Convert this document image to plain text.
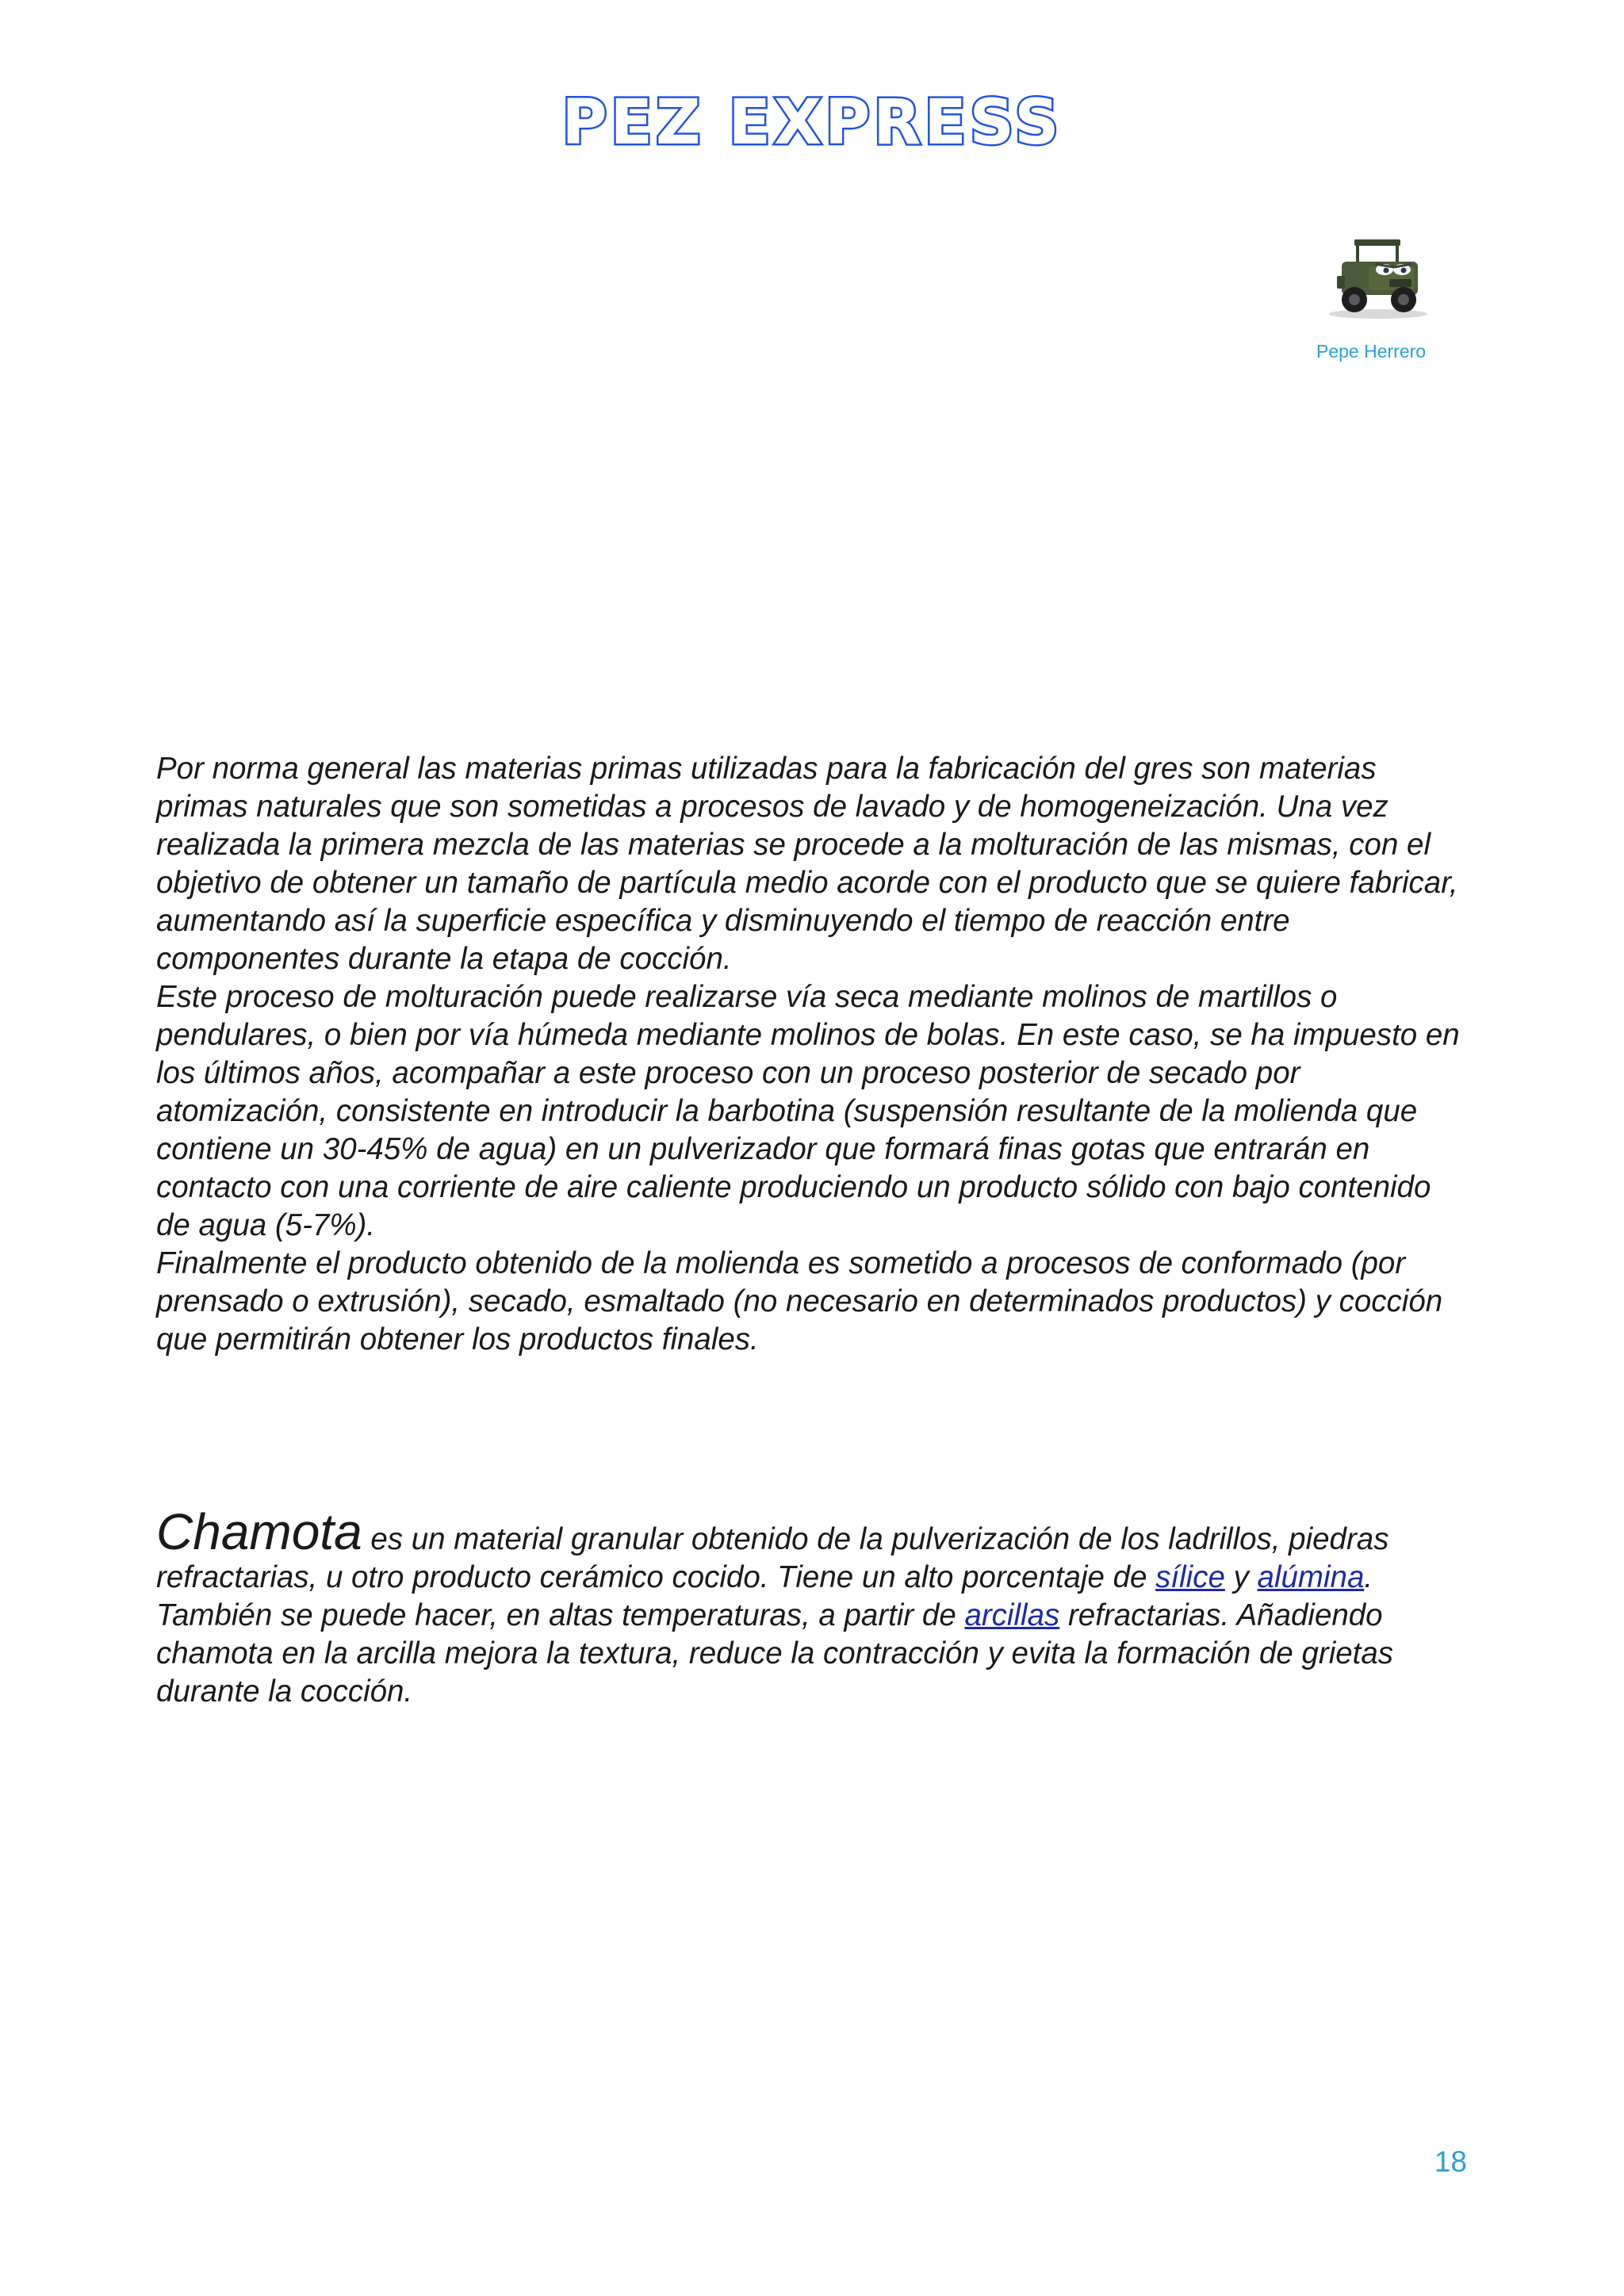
PEZ EXPRESS
Pepe Herrero

Por norma general las materias primas utilizadas para la fabricación del gres son materias primas naturales que son sometidas a procesos de lavado y de homogeneización. Una vez realizada la primera mezcla de las materias se procede a la molturación de las mismas, con el objetivo de obtener un tamaño de partícula medio acorde con el producto que se quiere fabricar, aumentando así la superficie específica y disminuyendo el tiempo de reacción entre componentes durante la etapa de cocción.

Este proceso de molturación puede realizarse vía seca mediante molinos de martillos o pendulares, o bien por vía húmeda mediante molinos de bolas. En este caso, se ha impuesto en los últimos años, acompañar a este proceso con un proceso posterior de secado por atomización, consistente en introducir la barbotina (suspensión resultante de la molienda que contiene un 30-45% de agua) en un pulverizador que formará finas gotas que entrarán en contacto con una corriente de aire caliente produciendo un producto sólido con bajo contenido de agua (5-7%).

Finalmente el producto obtenido de la molienda es sometido a procesos de conformado (por prensado o extrusión), secado, esmaltado (no necesario en determinados productos) y cocción que permitirán obtener los productos finales.

Chamota es un material granular obtenido de la pulverización de los ladrillos, piedras refractarias, u otro producto cerámico cocido. Tiene un alto porcentaje de sílice y alúmina. También se puede hacer, en altas temperaturas, a partir de arcillas refractarias. Añadiendo chamota en la arcilla mejora la textura, reduce la contracción y evita la formación de grietas durante la cocción.

18
